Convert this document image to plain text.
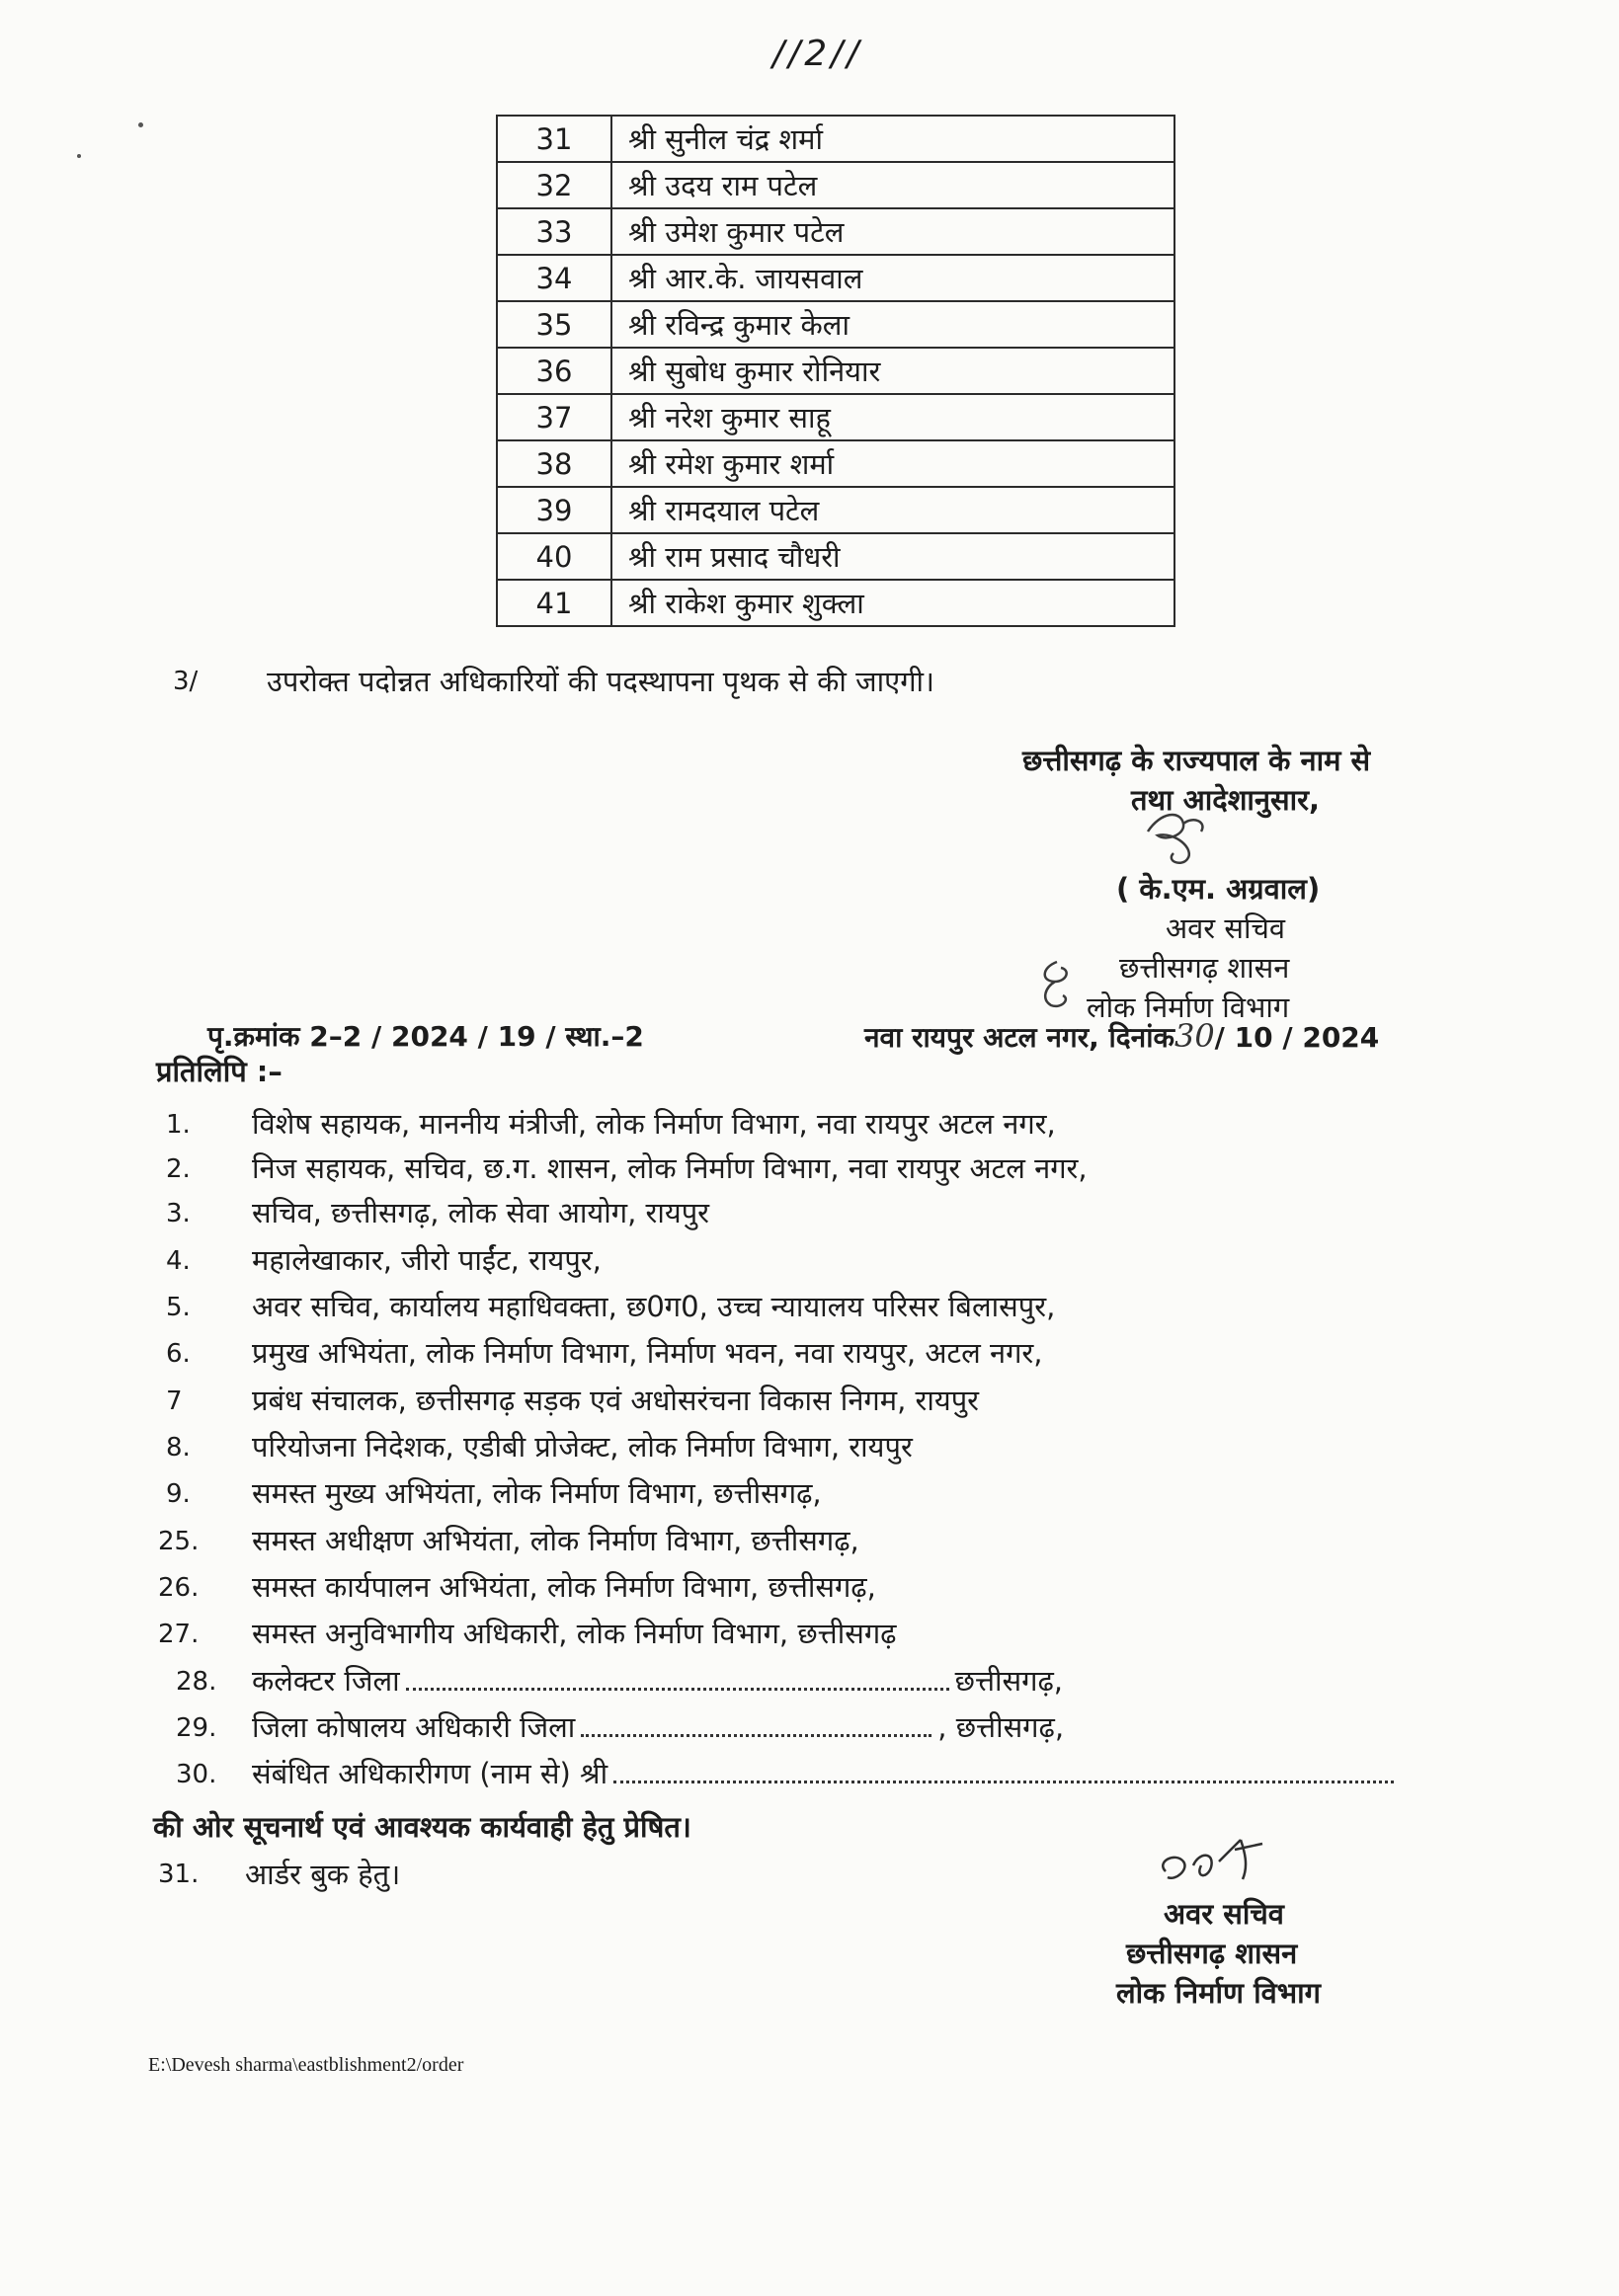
//2//
31	श्री सुनील चंद्र शर्मा
32	श्री उदय राम पटेल
33	श्री उमेश कुमार पटेल
34	श्री आर.के. जायसवाल
35	श्री रविन्द्र कुमार केला
36	श्री सुबोध कुमार रोनियार
37	श्री नरेश कुमार साहू
38	श्री रमेश कुमार शर्मा
39	श्री रामदयाल पटेल
40	श्री राम प्रसाद चौधरी
41	श्री राकेश कुमार शुक्ला
3/ उपरोक्त पदोन्नत अधिकारियों की पदस्थापना पृथक से की जाएगी।
छत्तीसगढ़ के राज्यपाल के नाम से
तथा आदेशानुसार,
( के.एम. अग्रवाल)
अवर सचिव
छत्तीसगढ़ शासन
लोक निर्माण विभाग
पृ.क्रमांक 2–2 / 2024 / 19 / स्था.–2	नवा रायपुर अटल नगर, दिनांक30/ 10 / 2024
प्रतिलिपि :–
1. विशेष सहायक, माननीय मंत्रीजी, लोक निर्माण विभाग, नवा रायपुर अटल नगर,
2. निज सहायक, सचिव, छ.ग. शासन, लोक निर्माण विभाग, नवा रायपुर अटल नगर,
3. सचिव, छत्तीसगढ़, लोक सेवा आयोग, रायपुर
4. महालेखाकार, जीरो पाईंट, रायपुर,
5. अवर सचिव, कार्यालय महाधिवक्ता, छ0ग0, उच्च न्यायालय परिसर बिलासपुर,
6. प्रमुख अभियंता, लोक निर्माण विभाग, निर्माण भवन, नवा रायपुर, अटल नगर,
7 प्रबंध संचालक, छत्तीसगढ़ सड़क एवं अधोसरंचना विकास निगम, रायपुर
8. परियोजना निदेशक, एडीबी प्रोजेक्ट, लोक निर्माण विभाग, रायपुर
9. समस्त मुख्य अभियंता, लोक निर्माण विभाग, छत्तीसगढ़,
25. समस्त अधीक्षण अभियंता, लोक निर्माण विभाग, छत्तीसगढ़,
26. समस्त कार्यपालन अभियंता, लोक निर्माण विभाग, छत्तीसगढ़,
27. समस्त अनुविभागीय अधिकारी, लोक निर्माण विभाग, छत्तीसगढ़
28. कलेक्टर जिला	छत्तीसगढ़,
29. जिला कोषालय अधिकारी जिला	, छत्तीसगढ़,
30. संबंधित अधिकारीगण (नाम से) श्री
की ओर सूचनार्थ एवं आवश्यक कार्यवाही हेतु प्रेषित।
31. आर्डर बुक हेतु।
अवर सचिव
छत्तीसगढ़ शासन
लोक निर्माण विभाग
E:\Devesh sharma\eastblishment2/order
